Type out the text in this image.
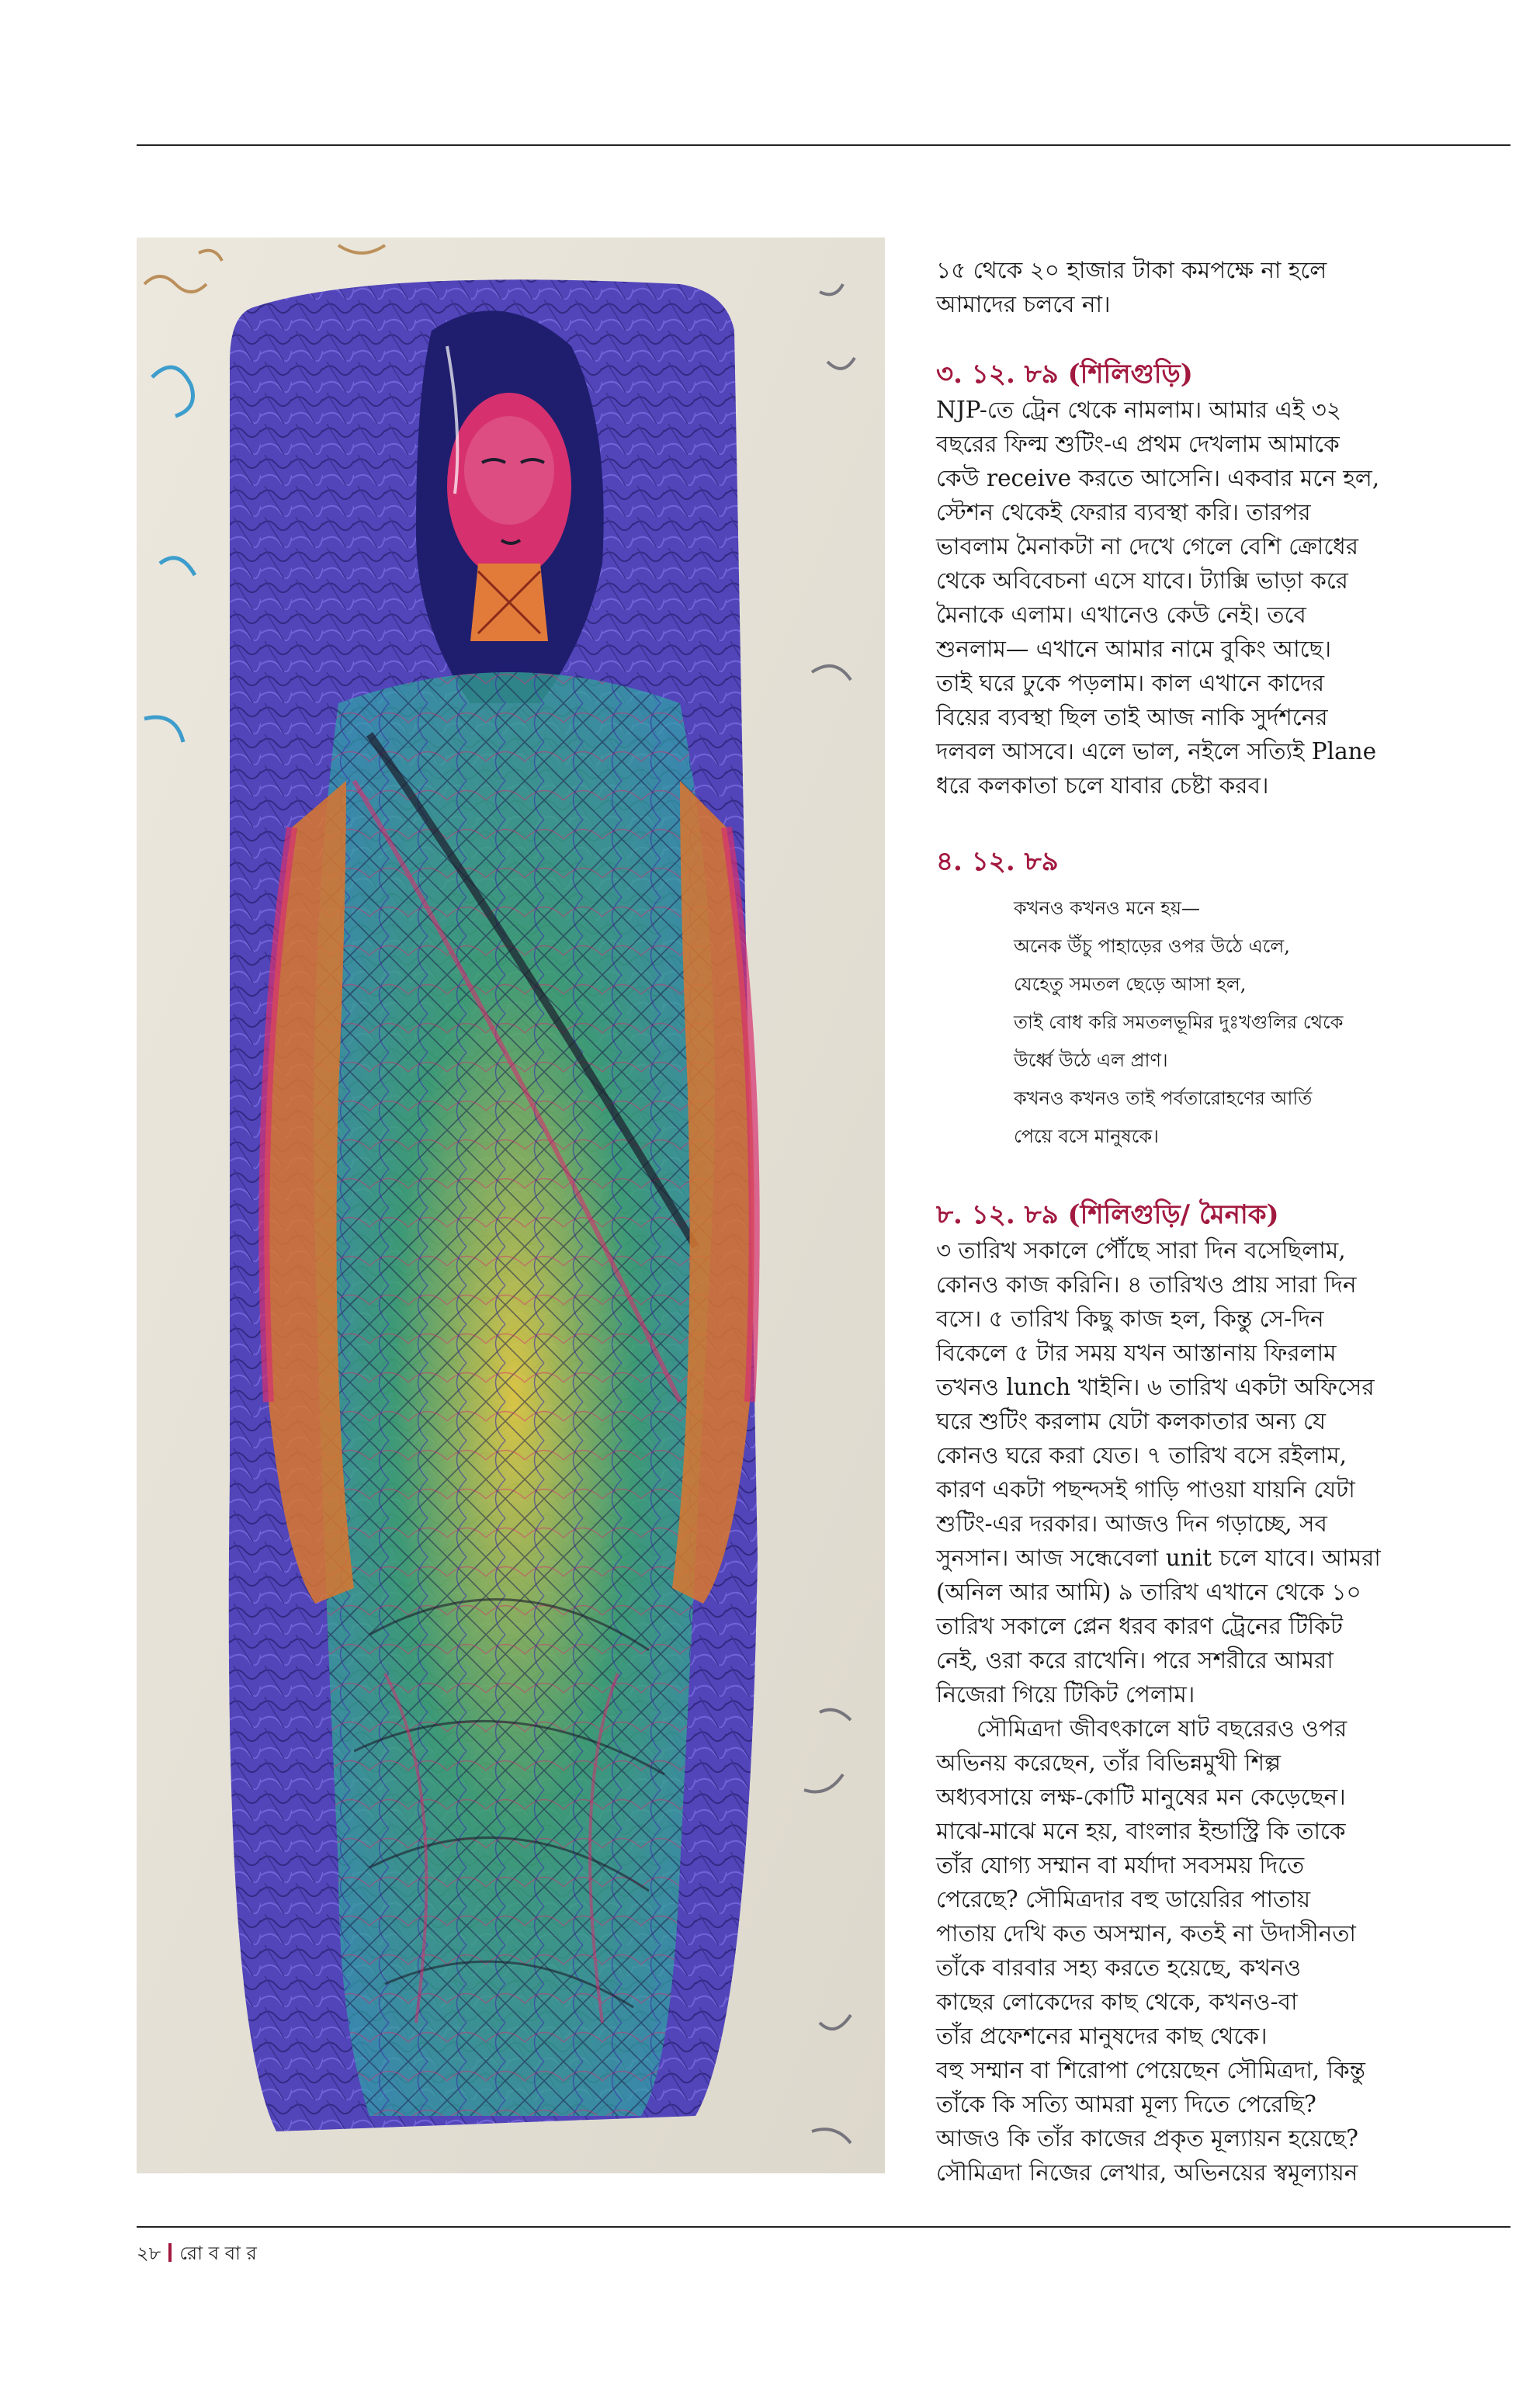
১৫ থেকে ২০ হাজার টাকা কমপক্ষে না হলে
আমাদের চলবে না।

৩. ১২. ৮৯ (শিলিগুড়ি)

NJP-তে ট্রেন থেকে নামলাম। আমার এই ৩২
বছরের ফিল্ম শুটিং-এ প্রথম দেখলাম আমাকে
কেউ receive করতে আসেনি। একবার মনে হল,
স্টেশন থেকেই ফেরার ব্যবস্থা করি। তারপর
ভাবলাম মৈনাকটা না দেখে গেলে বেশি ক্রোধের
থেকে অবিবেচনা এসে যাবে। ট্যাক্সি ভাড়া করে
মৈনাকে এলাম। এখানেও কেউ নেই। তবে
শুনলাম— এখানে আমার নামে বুকিং আছে।
তাই ঘরে ঢুকে পড়লাম। কাল এখানে কাদের
বিয়ের ব্যবস্থা ছিল তাই আজ নাকি সুর্দশনের
দলবল আসবে। এলে ভাল, নইলে সত্যিই Plane
ধরে কলকাতা চলে যাবার চেষ্টা করব।

৪. ১২. ৮৯
কখনও কখনও মনে হয়—
অনেক উঁচু পাহাড়ের ওপর উঠে এলে,
যেহেতু সমতল ছেড়ে আসা হল,
তাই বোধ করি সমতলভূমির দুঃখগুলির থেকে
উর্ধ্বে উঠে এল প্রাণ।
কখনও কখনও তাই পর্বতারোহণের আর্তি
পেয়ে বসে মানুষকে।
৮. ১২. ৮৯ (শিলিগুড়ি/ মৈনাক)

৩ তারিখ সকালে পৌঁছে সারা দিন বসেছিলাম,
কোনও কাজ করিনি। ৪ তারিখও প্রায় সারা দিন
বসে। ৫ তারিখ কিছু কাজ হল, কিন্তু সে-দিন
বিকেলে ৫ টার সময় যখন আস্তানায় ফিরলাম
তখনও lunch খাইনি। ৬ তারিখ একটা অফিসের
ঘরে শুটিং করলাম যেটা কলকাতার অন্য যে
কোনও ঘরে করা যেত। ৭ তারিখ বসে রইলাম,
কারণ একটা পছন্দসই গাড়ি পাওয়া যায়নি যেটা
শুটিং-এর দরকার। আজও দিন গড়াচ্ছে, সব
সুনসান। আজ সন্ধেবেলা unit চলে যাবে। আমরা
(অনিল আর আমি) ৯ তারিখ এখানে থেকে ১০
তারিখ সকালে প্লেন ধরব কারণ ট্রেনের টিকিট
নেই, ওরা করে রাখেনি। পরে সশরীরে আমরা
নিজেরা গিয়ে টিকিট পেলাম।

সৌমিত্রদা জীবৎকালে ষাট বছরেরও ওপর
অভিনয় করেছেন, তাঁর বিভিন্নমুখী শিল্প
অধ্যবসায়ে লক্ষ-কোটি মানুষের মন কেড়েছেন।
মাঝে-মাঝে মনে হয়, বাংলার ইন্ডাস্ট্রি কি তাকে
তাঁর যোগ্য সম্মান বা মর্যাদা সবসময় দিতে
পেরেছে? সৌমিত্রদার বহু ডায়েরির পাতায়
পাতায় দেখি কত অসম্মান, কতই না উদাসীনতা
তাঁকে বারবার সহ্য করতে হয়েছে, কখনও
কাছের লোকেদের কাছ থেকে, কখনও-বা
তাঁর প্রফেশনের মানুষদের কাছ থেকে।
বহু সম্মান বা শিরোপা পেয়েছেন সৌমিত্রদা, কিন্তু
তাঁকে কি সত্যি আমরা মূল্য দিতে পেরেছি?
আজও কি তাঁর কাজের প্রকৃত মূল্যায়ন হয়েছে?
সৌমিত্রদা নিজের লেখার, অভিনয়ের স্বমূল্যায়ন

২৮ রো ব বা র
